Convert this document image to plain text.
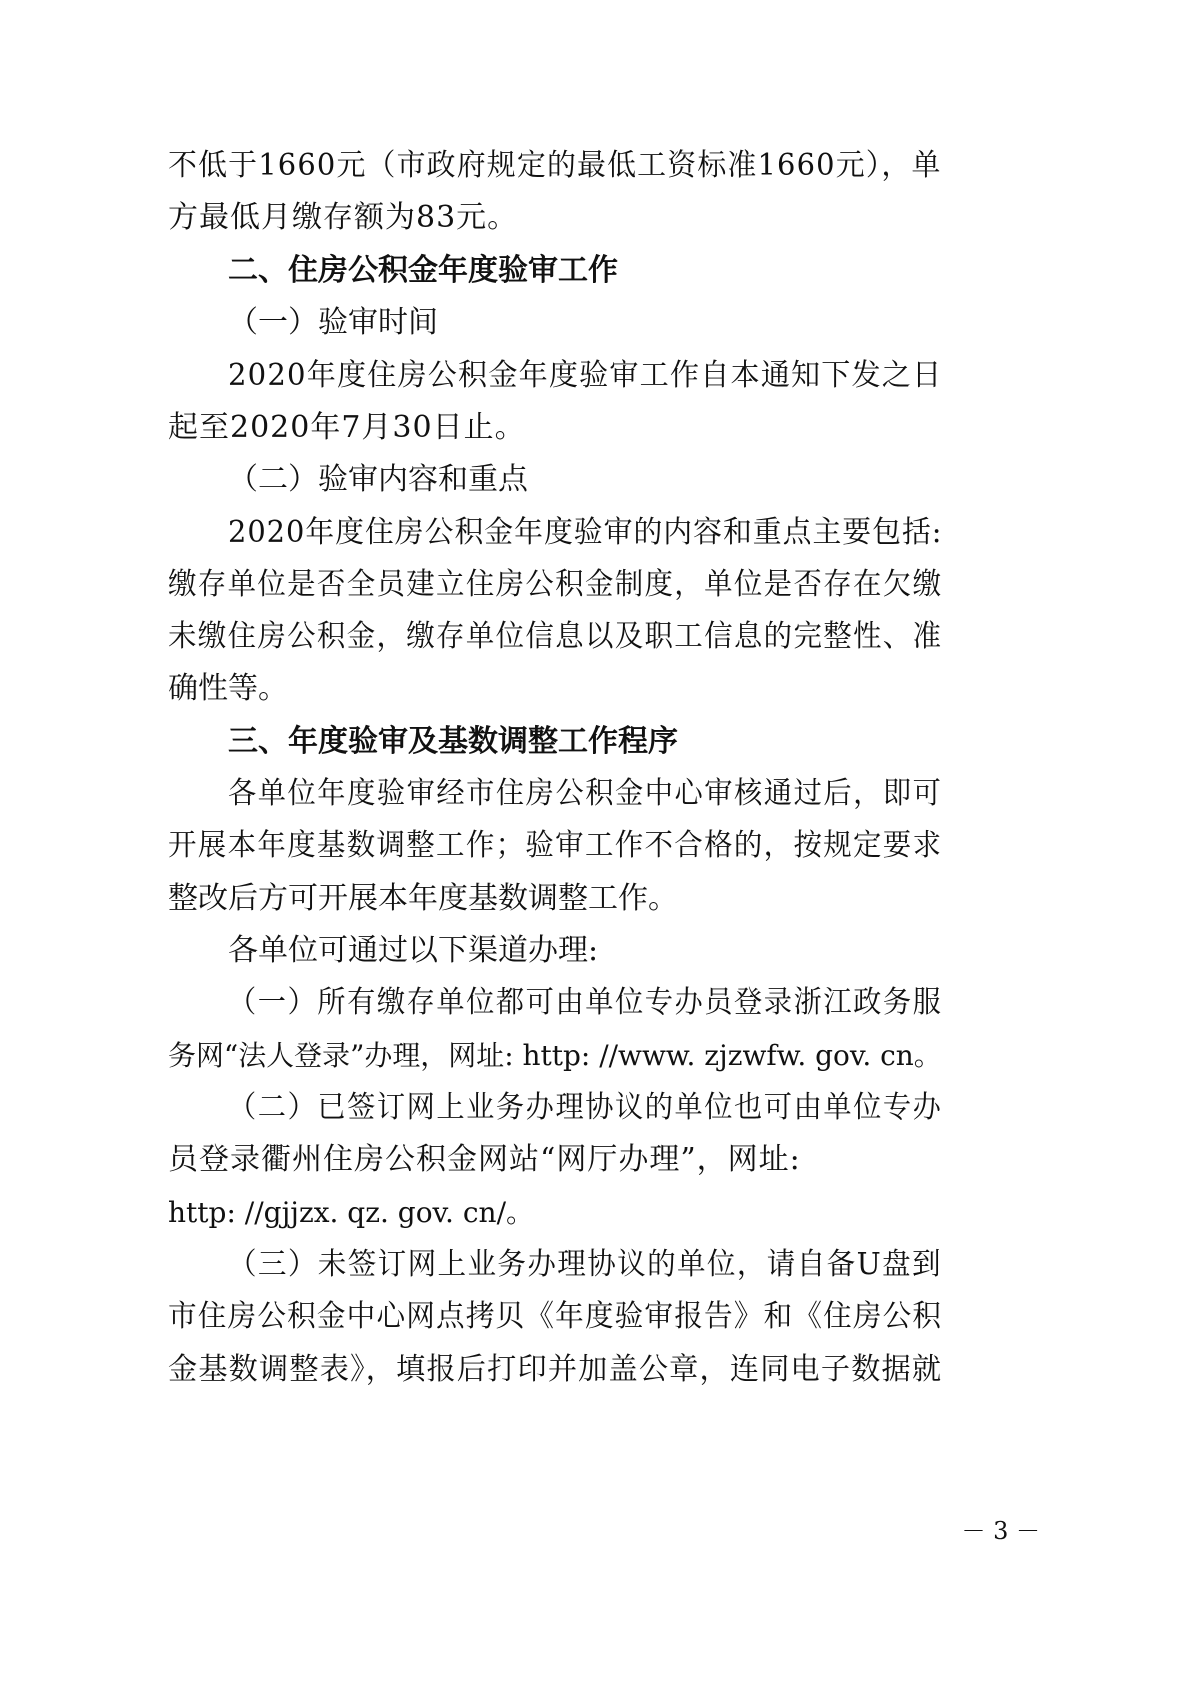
不低于1660元（市政府规定的最低工资标准1660元），单
方最低月缴存额为83元。
二、住房公积金年度验审工作
（一）验审时间
2020年度住房公积金年度验审工作自本通知下发之日
起至2020年7月30日止。
（二）验审内容和重点
2020年度住房公积金年度验审的内容和重点主要包括:
缴存单位是否全员建立住房公积金制度，单位是否存在欠缴
未缴住房公积金，缴存单位信息以及职工信息的完整性、准
确性等。
三、年度验审及基数调整工作程序
各单位年度验审经市住房公积金中心审核通过后，即可
开展本年度基数调整工作；验审工作不合格的，按规定要求
整改后方可开展本年度基数调整工作。
各单位可通过以下渠道办理:
（一）所有缴存单位都可由单位专办员登录浙江政务服
务网“法人登录”办理，网址: http: //www. zjzwfw. gov. cn。
（二）已签订网上业务办理协议的单位也可由单位专办
员登录衢州住房公积金网站“网厅办理”，网址:
http: //gjjzx. qz. gov. cn/。
（三）未签订网上业务办理协议的单位，请自备U盘到
市住房公积金中心网点拷贝《年度验审报告》和《住房公积
金基数调整表》，填报后打印并加盖公章，连同电子数据就
－ 3 －
